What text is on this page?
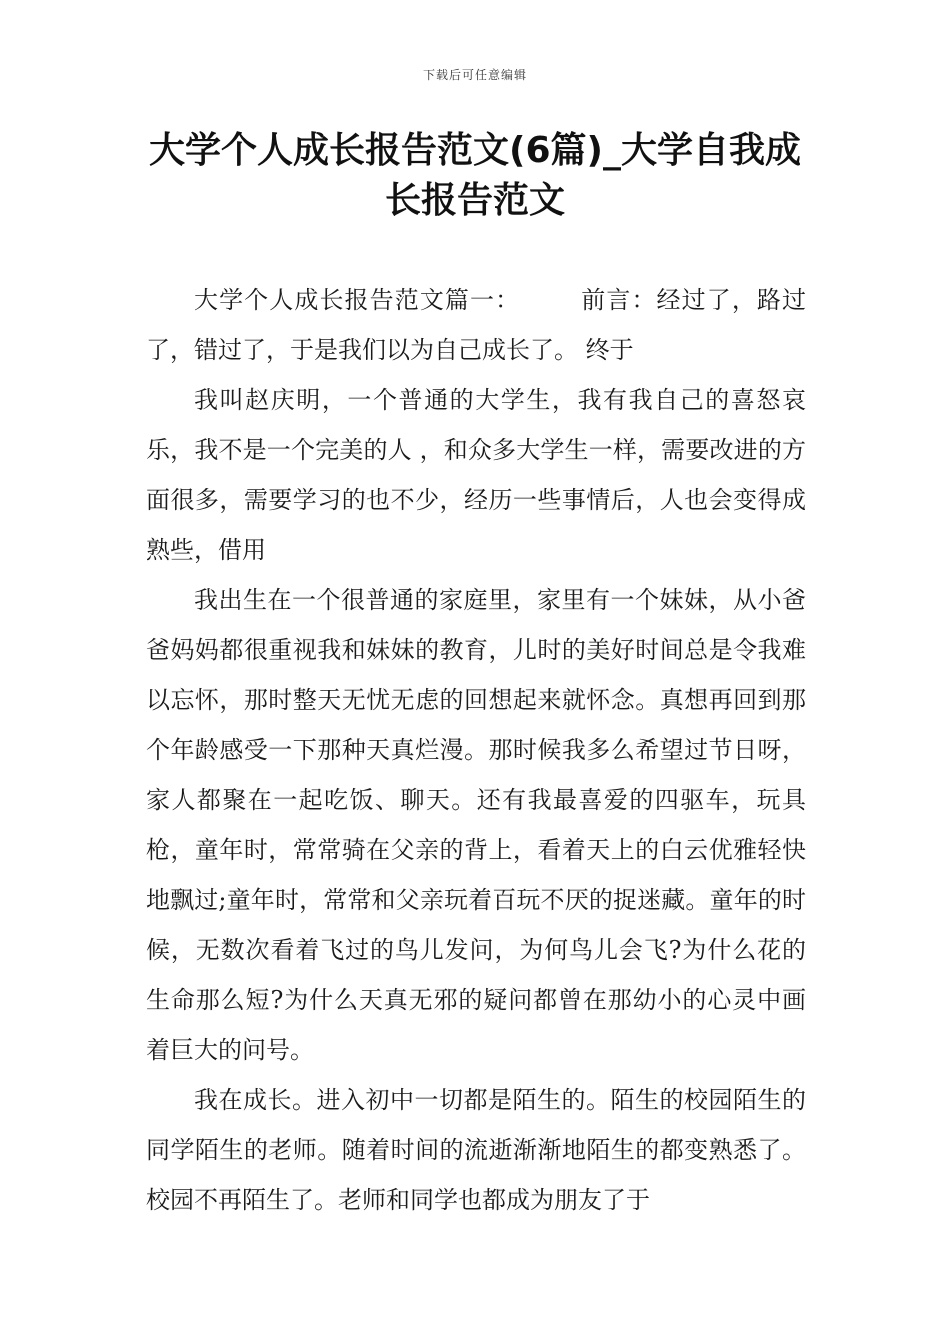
下载后可任意编辑
大学个人成长报告范文(6篇)_大学自我成长报告范文

大学个人成长报告范文篇一：	前言：经过了，路过了，错过了，于是我们以为自己成长了。 终于

我叫赵庆明，一个普通的大学生，我有我自己的喜怒哀乐，我不是一个完美的人 ，和众多大学生一样，需要改进的方面很多，需要学习的也不少，经历一些事情后，人也会变得成熟些，借用

我出生在一个很普通的家庭里，家里有一个妹妹，从小爸爸妈妈都很重视我和妹妹的教育，儿时的美好时间总是令我难以忘怀，那时整天无忧无虑的回想起来就怀念。真想再回到那个年龄感受一下那种天真烂漫。那时候我多么希望过节日呀，家人都聚在一起吃饭、聊天。还有我最喜爱的四驱车，玩具枪，童年时，常常骑在父亲的背上，看着天上的白云优雅轻快地飘过;童年时，常常和父亲玩着百玩不厌的捉迷藏。童年的时候，无数次看着飞过的鸟儿发问，为何鸟儿会飞?为什么花的生命那么短?为什么天真无邪的疑问都曾在那幼小的心灵中画着巨大的问号。

我在成长。进入初中一切都是陌生的。陌生的校园陌生的同学陌生的老师。随着时间的流逝渐渐地陌生的都变熟悉了。校园不再陌生了。老师和同学也都成为朋友了于
